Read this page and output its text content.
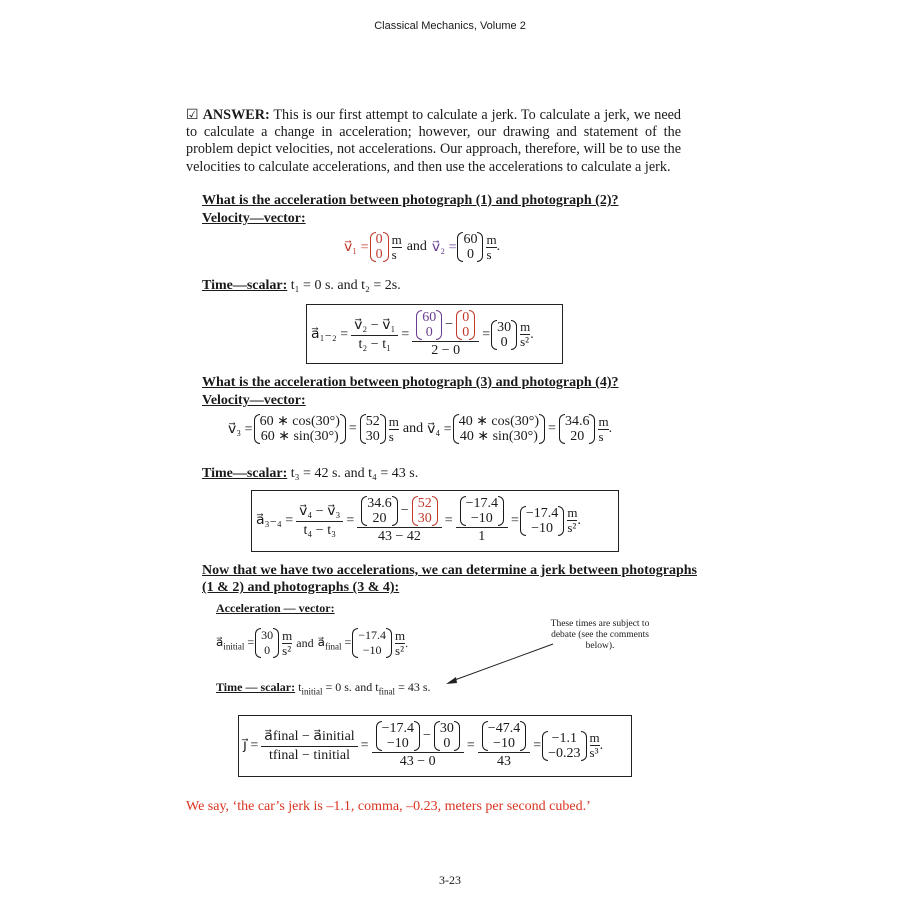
Classical Mechanics, Volume 2
☑ ANSWER: This is our first attempt to calculate a jerk. To calculate a jerk, we need to calculate a change in acceleration; however, our drawing and statement of the problem depict velocities, not accelerations. Our approach, therefore, will be to use the velocities to calculate accelerations, and then use the accelerations to calculate a jerk.
What is the acceleration between photograph (1) and photograph (2)?
Velocity—vector:
v⃗₁ = 0
0
m
s and v⃗₂ = 60
0
m
s .
Time—scalar: t₁ = 0 s. and t₂ = 2s.
a⃗₁₋₂ = $\frac{\text{v⃗₂ − v⃗₁}}{\text{t₂ − t₁}} = 60$
0
− 0
0
2 − 0 = 30
0
m
s² .
What is the acceleration between photograph (3) and photograph (4)?
Velocity—vector:
v⃗₃ = 60 ∗ cos(30°)
60 ∗ sin(30°)
= 52
30
m
s and v⃗₄ = 40 ∗ cos(30°)
40 ∗ sin(30°)
= 34.6
20
m
s .
Time—scalar: t₃ = 42 s. and t₄ = 43 s.
a⃗₃₋₄ = $\frac{\text{v⃗₄ − v⃗₃}}{\text{t₄ − t₃}} = 34.6$
20
− 52
30
43 − 42 = −17.4
−10
1 = −17.4
−10
m
s² .
Now that we have two accelerations, we can determine a jerk between photographs
(1 & 2) and photographs (3 & 4):
Acceleration — vector:
$a⃗_{initial} = 30$
0
m
s² and $a⃗_{final} = -17.4$
−10
m
s² .
These times are subject to debate (see the comments below).
Time — scalar: $t_{initial} = 0$ s. and $t_{final} = 43$ s.
j⃗ = $\frac{\text{a⃗final − a⃗initial}}{\text{tfinal − tinitial}} = -17.4$
−10
− 30
0
43 − 0 = −47.4
−10
43 = −1.1
−0.23
m
s³ .
We say, ‘the car’s jerk is –1.1, comma, –0.23, meters per second cubed.’
3-23
